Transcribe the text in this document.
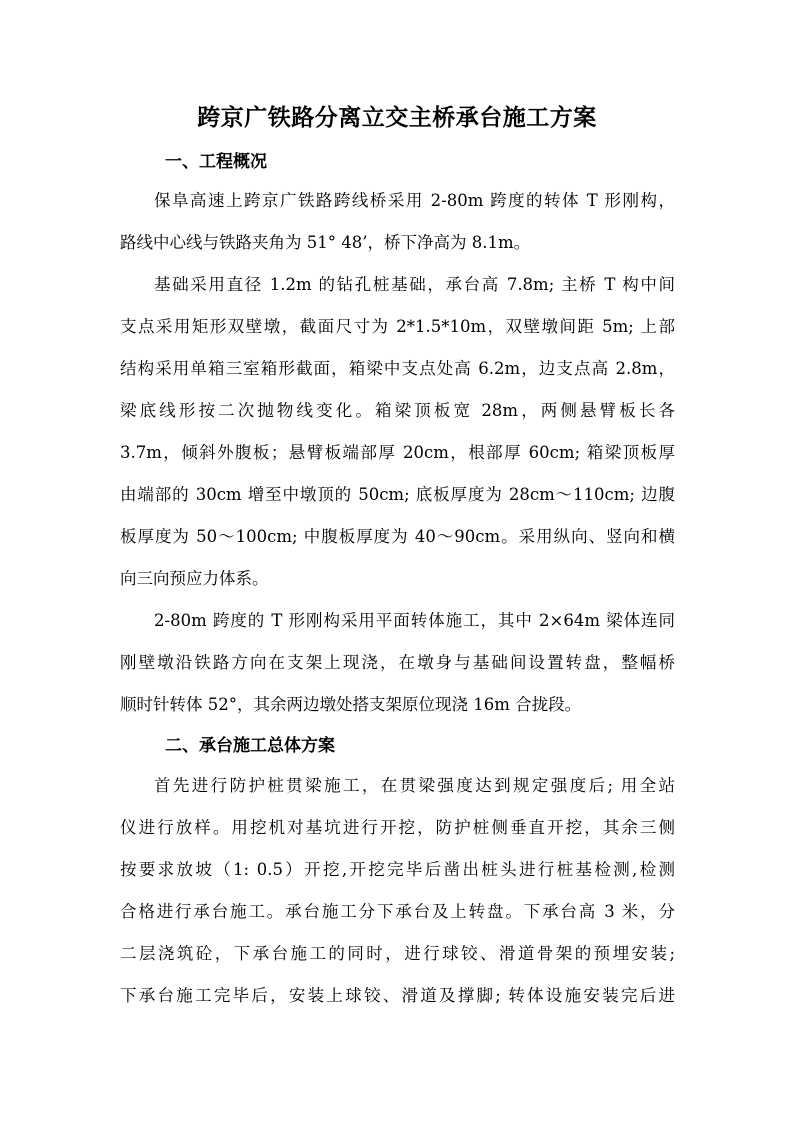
跨京广铁路分离立交主桥承台施工方案
一、工程概况
保阜高速上跨京广铁路跨线桥采用 2-80m 跨度的转体 T 形刚构，
路线中心线与铁路夹角为 51° 48’，桥下净高为 8.1m。
基础采用直径 1.2m 的钻孔桩基础，承台高 7.8m; 主桥 T 构中间
支点采用矩形双壁墩，截面尺寸为 2*1.5*10m，双壁墩间距 5m; 上部
结构采用单箱三室箱形截面，箱梁中支点处高 6.2m，边支点高 2.8m，
梁底线形按二次抛物线变化。箱梁顶板宽 28m，两侧悬臂板长各
3.7m，倾斜外腹板；悬臂板端部厚 20cm，根部厚 60cm; 箱梁顶板厚
由端部的 30cm 增至中墩顶的 50cm; 底板厚度为 28cm～110cm; 边腹
板厚度为 50～100cm; 中腹板厚度为 40～90cm。采用纵向、竖向和横
向三向预应力体系。
2-80m 跨度的 T 形刚构采用平面转体施工，其中 2×64m 梁体连同
刚壁墩沿铁路方向在支架上现浇，在墩身与基础间设置转盘，整幅桥
顺时针转体 52°，其余两边墩处搭支架原位现浇 16m 合拢段。
二、承台施工总体方案
首先进行防护桩贯梁施工，在贯梁强度达到规定强度后; 用全站
仪进行放样。用挖机对基坑进行开挖，防护桩侧垂直开挖，其余三侧
按要求放坡（1: 0.5）开挖,开挖完毕后凿出桩头进行桩基检测,检测
合格进行承台施工。承台施工分下承台及上转盘。下承台高 3 米，分
二层浇筑砼，下承台施工的同时，进行球铰、滑道骨架的预埋安装;
下承台施工完毕后，安装上球铰、滑道及撑脚; 转体设施安装完后进
